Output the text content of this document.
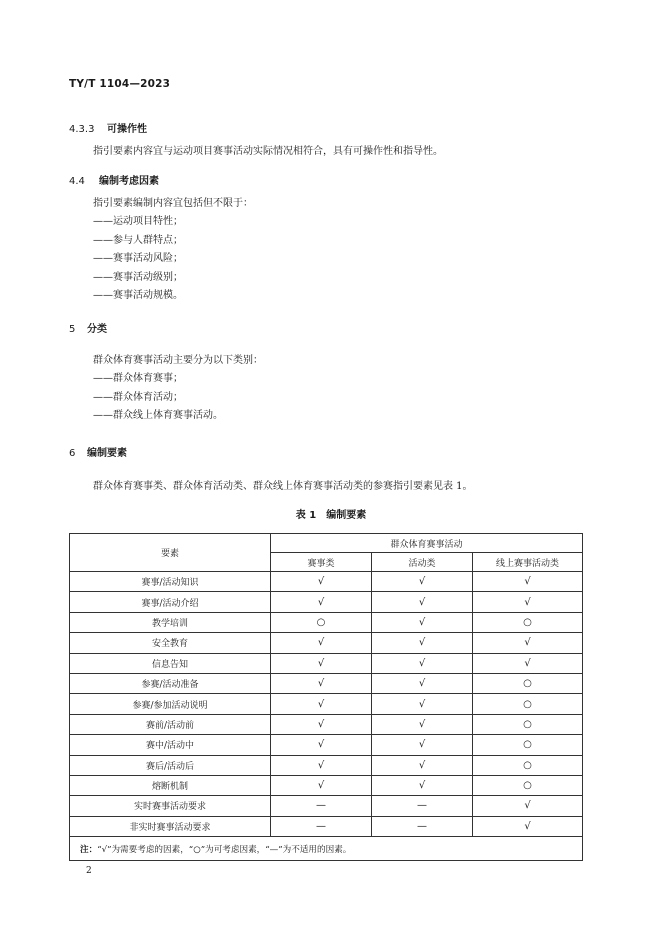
TY/T 1104—2023
4.3.3 可操作性
指引要素内容宜与运动项目赛事活动实际情况相符合，具有可操作性和指导性。
4.4 编制考虑因素
指引要素编制内容宜包括但不限于：
——运动项目特性；
——参与人群特点；
——赛事活动风险；
——赛事活动级别；
——赛事活动规模。
5 分类
群众体育赛事活动主要分为以下类别：
——群众体育赛事；
——群众体育活动；
——群众线上体育赛事活动。
6 编制要素
群众体育赛事类、群众体育活动类、群众线上体育赛事活动类的参赛指引要素见表 1。
表 1　编制要素
要素	群众体育赛事活动		
	赛事类	活动类	线上赛事活动类
赛事/活动知识	√	√	√
赛事/活动介绍	√	√	√
教学培训	○	√	○
安全教育	√	√	√
信息告知	√	√	√
参赛/活动准备	√	√	○
参赛/参加活动说明	√	√	○
赛前/活动前	√	√	○
赛中/活动中	√	√	○
赛后/活动后	√	√	○
熔断机制	√	√	○
实时赛事活动要求	—	—	√
非实时赛事活动要求	—	—	√
注：“√”为需要考虑的因素，“○”为可考虑因素，“—”为不适用的因素。			
2
